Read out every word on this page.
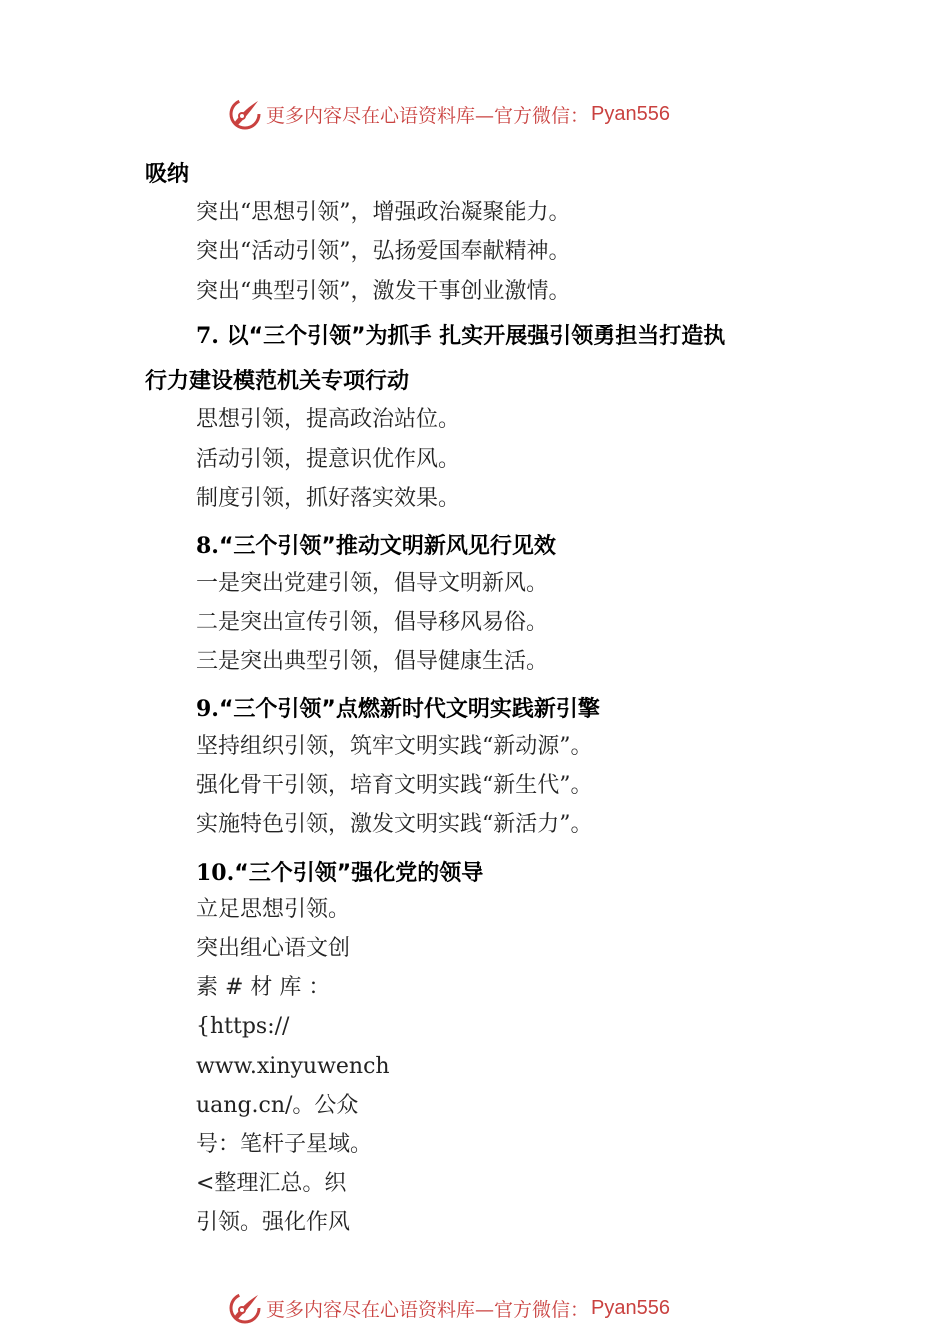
更多内容尽在心语资料库—官方微信： Pyan556
吸纳
突出“思想引领”，增强政治凝聚能力。
突出“活动引领”，弘扬爱国奉献精神。
突出“典型引领”，激发干事创业激情。
7. 以“三个引领”为抓手 扎实开展强引领勇担当打造执
行力建设模范机关专项行动
思想引领，提高政治站位。
活动引领，提意识优作风。
制度引领，抓好落实效果。
8.“三个引领”推动文明新风见行见效
一是突出党建引领，倡导文明新风。
二是突出宣传引领，倡导移风易俗。
三是突出典型引领，倡导健康生活。
9.“三个引领”点燃新时代文明实践新引擎
坚持组织引领，筑牢文明实践“新动源”。
强化骨干引领，培育文明实践“新生代”。
实施特色引领，激发文明实践“新活力”。
10.“三个引领”强化党的领导
立足思想引领。
突出组心语文创
素 # 材 库 ：
{https://
www.xinyuwench
uang.cn/。公众
号：笔杆子星域。
<整理汇总。织
引领。强化作风
更多内容尽在心语资料库—官方微信： Pyan556
